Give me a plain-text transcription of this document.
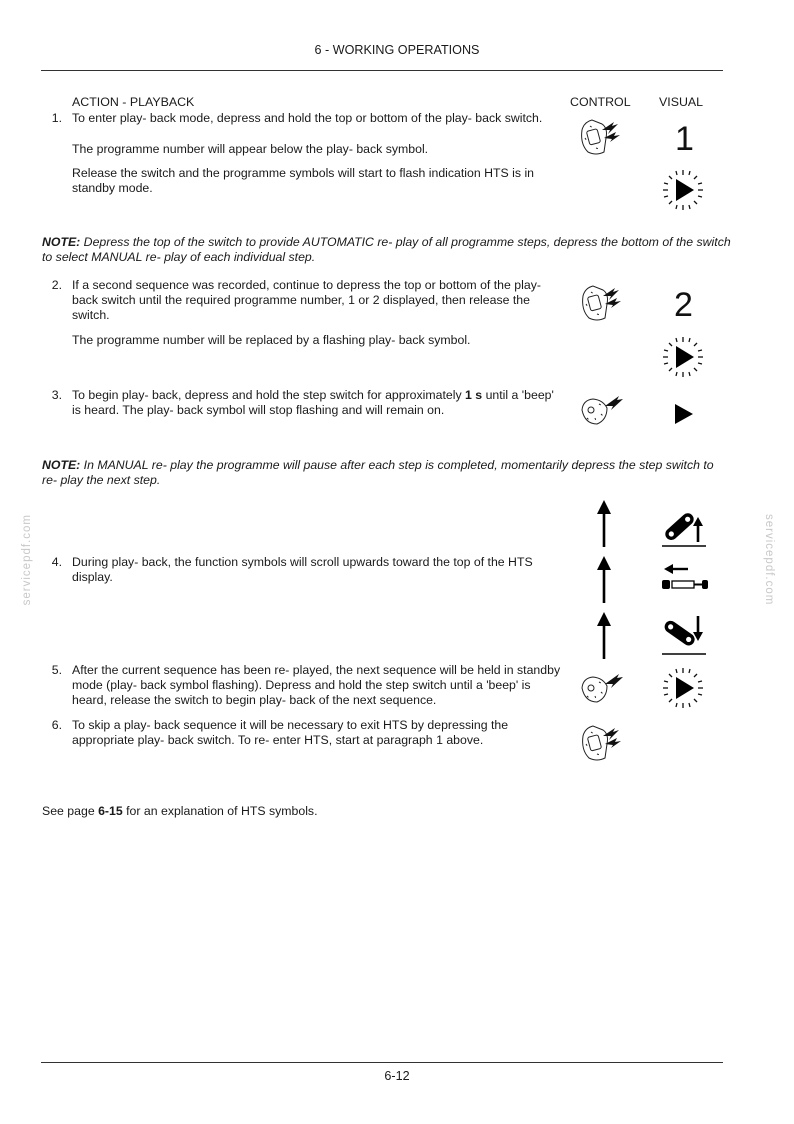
6 - WORKING OPERATIONS
ACTION - PLAYBACK	CONTROL VISUAL
1. To enter play- back mode, depress and hold the top or bottom of the play- back switch.
The programme number will appear below the play- back symbol.
Release the switch and the programme symbols will start to flash indication HTS is in standby mode.
1
NOTE: Depress the top of the switch to provide AUTOMATIC re- play of all programme steps, depress the bottom of the switch to select MANUAL re- play of each individual step.
2. If a second sequence was recorded, continue to depress the top or bottom of the play- back switch until the required programme number, 1 or 2 displayed, then release the switch.
The programme number will be replaced by a flashing play- back symbol.
2
3. To begin play- back, depress and hold the step switch for approximately 1 s until a 'beep' is heard. The play- back symbol will stop flashing and will remain on.
NOTE: In MANUAL re- play the programme will pause after each step is completed, momentarily depress the step switch to re- play the next step.
4. During play- back, the function symbols will scroll upwards toward the top of the HTS display.
5. After the current sequence has been re- played, the next sequence will be held in standby mode (play- back symbol flashing). Depress and hold the step switch until a 'beep' is heard, release the switch to begin play- back of the next sequence.
6. To skip a play- back sequence it will be necessary to exit HTS by depressing the appropriate play- back switch. To re- enter HTS, start at paragraph 1 above.
See page 6-15 for an explanation of HTS symbols.
servicepdf.com	servicepdf.com
6-12
